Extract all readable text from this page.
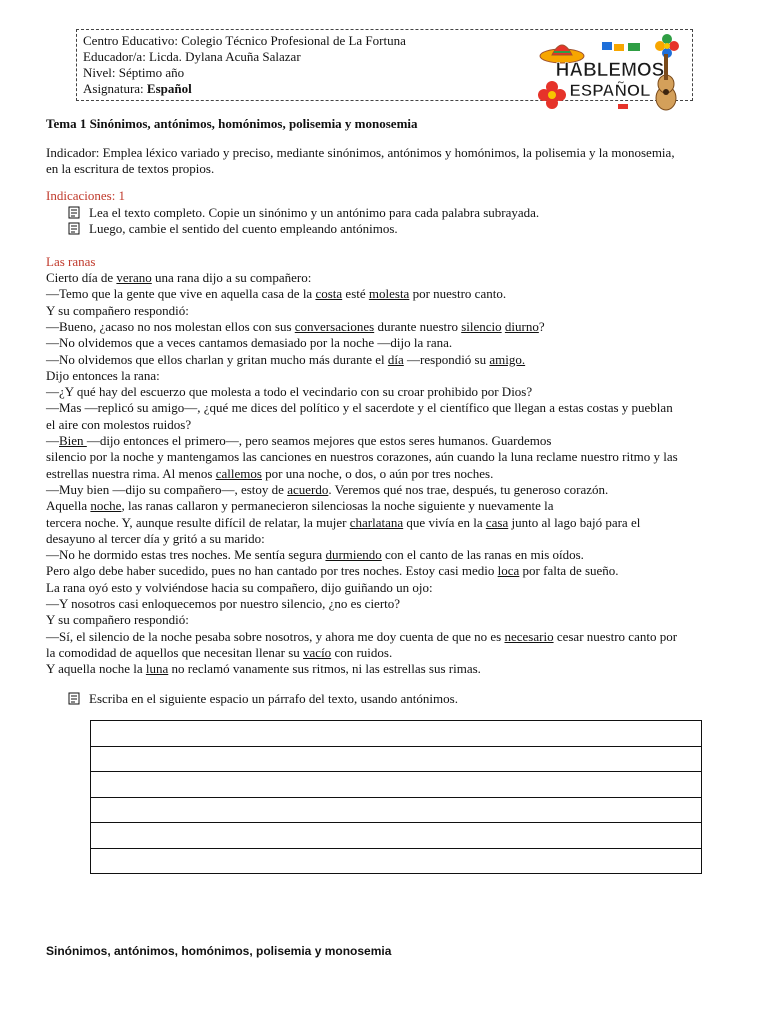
Centro Educativo: Colegio Técnico Profesional de La Fortuna
Educador/a: Licda. Dylana Acuña Salazar
Nivel: Séptimo año
Asignatura: Español
HABLEMOS
ESPAÑOL
Tema 1 Sinónimos, antónimos, homónimos, polisemia y monosemia
Indicador: Emplea léxico variado y preciso, mediante sinónimos, antónimos y homónimos, la polisemia y la monosemia,
en la escritura de textos propios.
Indicaciones: 1
Lea el texto completo. Copie un sinónimo y un antónimo para cada palabra subrayada.
Luego, cambie el sentido del cuento empleando antónimos.
Las ranas
Cierto día de verano una rana dijo a su compañero:
—Temo que la gente que vive en aquella casa de la costa esté molesta por nuestro canto.
Y su compañero respondió:
—Bueno, ¿acaso no nos molestan ellos con sus conversaciones durante nuestro silencio diurno?
—No olvidemos que a veces cantamos demasiado por la noche —dijo la rana.
—No olvidemos que ellos charlan y gritan mucho más durante el día —respondió su amigo.
Dijo entonces la rana:
—¿Y qué hay del escuerzo que molesta a todo el vecindario con su croar prohibido por Dios?
—Mas —replicó su amigo—, ¿qué me dices del político y el sacerdote y el científico que llegan a estas costas y pueblan
el aire con molestos ruidos?
—Bien —dijo entonces el primero—, pero seamos mejores que estos seres humanos. Guardemos
silencio por la noche y mantengamos las canciones en nuestros corazones, aún cuando la luna reclame nuestro ritmo y las
estrellas nuestra rima. Al menos callemos por una noche, o dos, o aún por tres noches.
—Muy bien —dijo su compañero—, estoy de acuerdo. Veremos qué nos trae, después, tu generoso corazón.
Aquella noche, las ranas callaron y permanecieron silenciosas la noche siguiente y nuevamente la
tercera noche. Y, aunque resulte difícil de relatar, la mujer charlatana que vivía en la casa junto al lago bajó para el
desayuno al tercer día y gritó a su marido:
—No he dormido estas tres noches. Me sentía segura durmiendo con el canto de las ranas en mis oídos.
Pero algo debe haber sucedido, pues no han cantado por tres noches. Estoy casi medio loca por falta de sueño.
La rana oyó esto y volviéndose hacia su compañero, dijo guiñando un ojo:
—Y nosotros casi enloquecemos por nuestro silencio, ¿no es cierto?
Y su compañero respondió:
—Sí, el silencio de la noche pesaba sobre nosotros, y ahora me doy cuenta de que no es necesario cesar nuestro canto por
la comodidad de aquellos que necesitan llenar su vacío con ruidos.
Y aquella noche la luna no reclamó vanamente sus ritmos, ni las estrellas sus rimas.
Escriba en el siguiente espacio un párrafo del texto, usando antónimos.

Sinónimos, antónimos, homónimos, polisemia y monosemia
